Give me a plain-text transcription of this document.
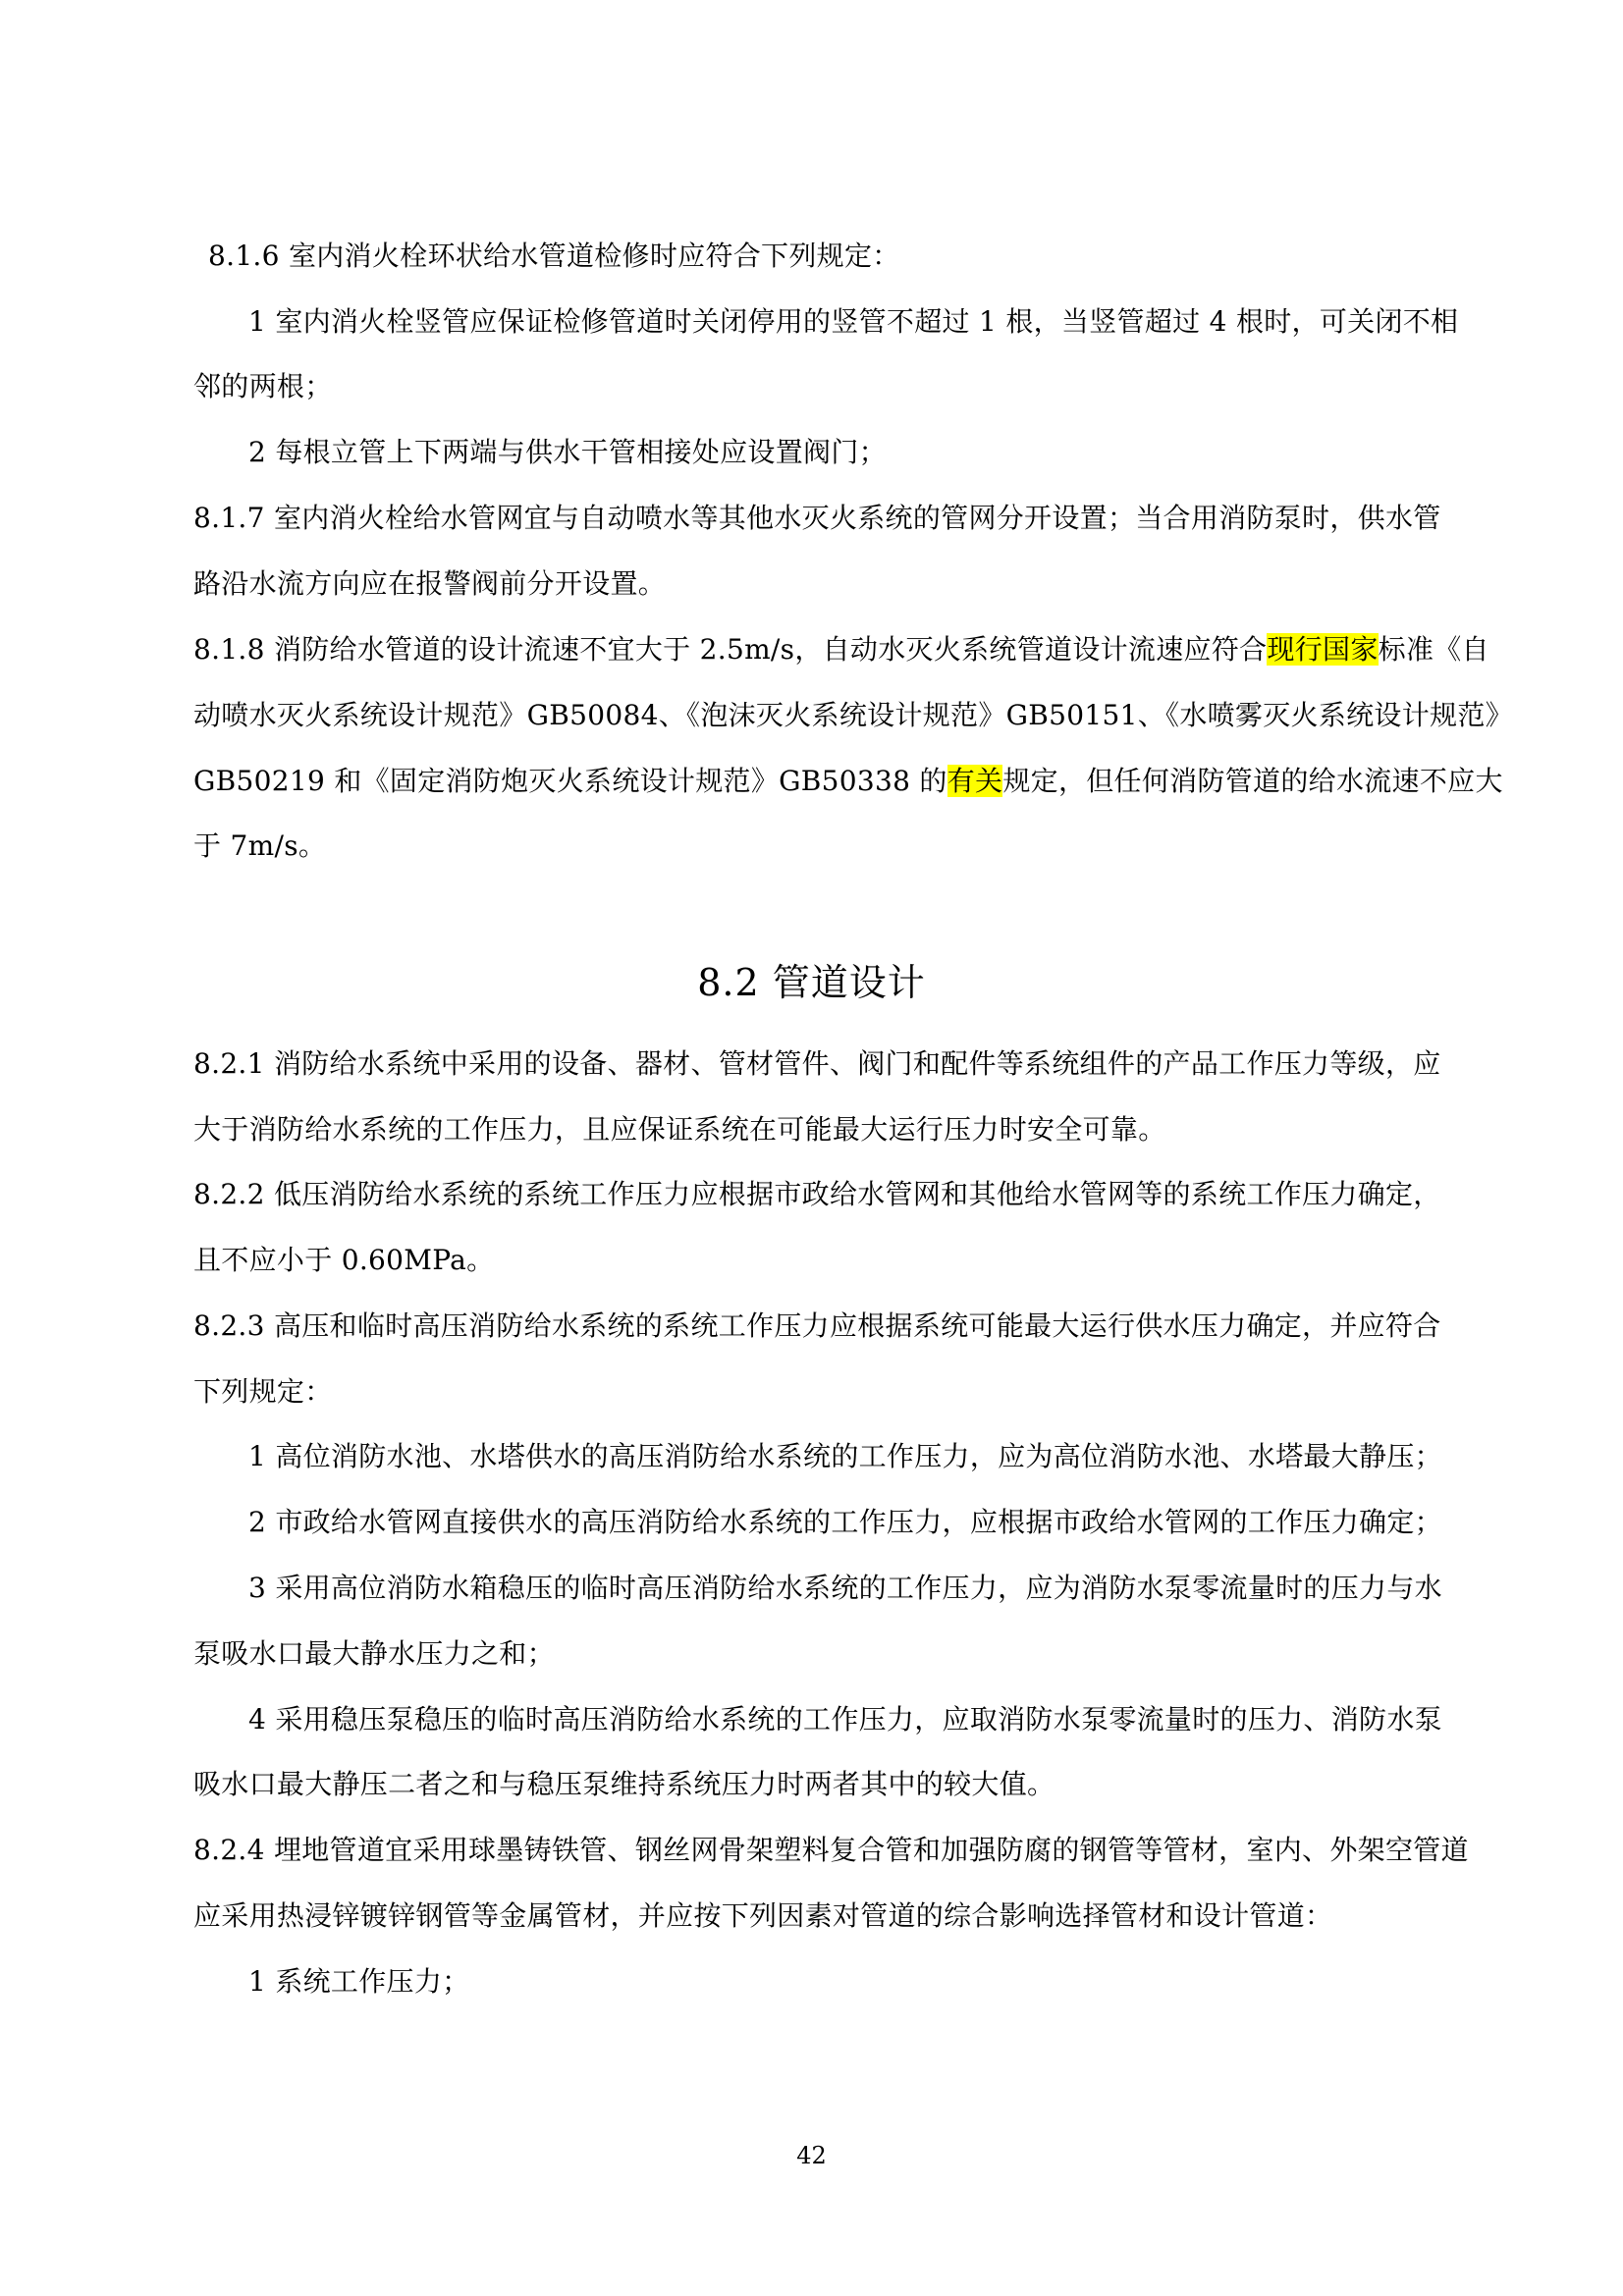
8.1.6 室内消火栓环状给水管道检修时应符合下列规定：
1 室内消火栓竖管应保证检修管道时关闭停用的竖管不超过 1 根，当竖管超过 4 根时，可关闭不相
邻的两根；
2 每根立管上下两端与供水干管相接处应设置阀门；
8.1.7 室内消火栓给水管网宜与自动喷水等其他水灭火系统的管网分开设置；当合用消防泵时，供水管
路沿水流方向应在报警阀前分开设置。
8.1.8 消防给水管道的设计流速不宜大于 2.5m/s，自动水灭火系统管道设计流速应符合现行国家标准《自
动喷水灭火系统设计规范》GB50084、《泡沫灭火系统设计规范》GB50151、《水喷雾灭火系统设计规范》
GB50219 和《固定消防炮灭火系统设计规范》GB50338 的有关规定，但任何消防管道的给水流速不应大
于 7m/s。
8.2 管道设计
8.2.1 消防给水系统中采用的设备、器材、管材管件、阀门和配件等系统组件的产品工作压力等级，应
大于消防给水系统的工作压力，且应保证系统在可能最大运行压力时安全可靠。
8.2.2 低压消防给水系统的系统工作压力应根据市政给水管网和其他给水管网等的系统工作压力确定，
且不应小于 0.60MPa。
8.2.3 高压和临时高压消防给水系统的系统工作压力应根据系统可能最大运行供水压力确定，并应符合
下列规定：
1 高位消防水池、水塔供水的高压消防给水系统的工作压力，应为高位消防水池、水塔最大静压；
2 市政给水管网直接供水的高压消防给水系统的工作压力，应根据市政给水管网的工作压力确定；
3 采用高位消防水箱稳压的临时高压消防给水系统的工作压力，应为消防水泵零流量时的压力与水
泵吸水口最大静水压力之和；
4 采用稳压泵稳压的临时高压消防给水系统的工作压力，应取消防水泵零流量时的压力、消防水泵
吸水口最大静压二者之和与稳压泵维持系统压力时两者其中的较大值。
8.2.4 埋地管道宜采用球墨铸铁管、钢丝网骨架塑料复合管和加强防腐的钢管等管材，室内、外架空管道
应采用热浸锌镀锌钢管等金属管材，并应按下列因素对管道的综合影响选择管材和设计管道：
1 系统工作压力；
42
